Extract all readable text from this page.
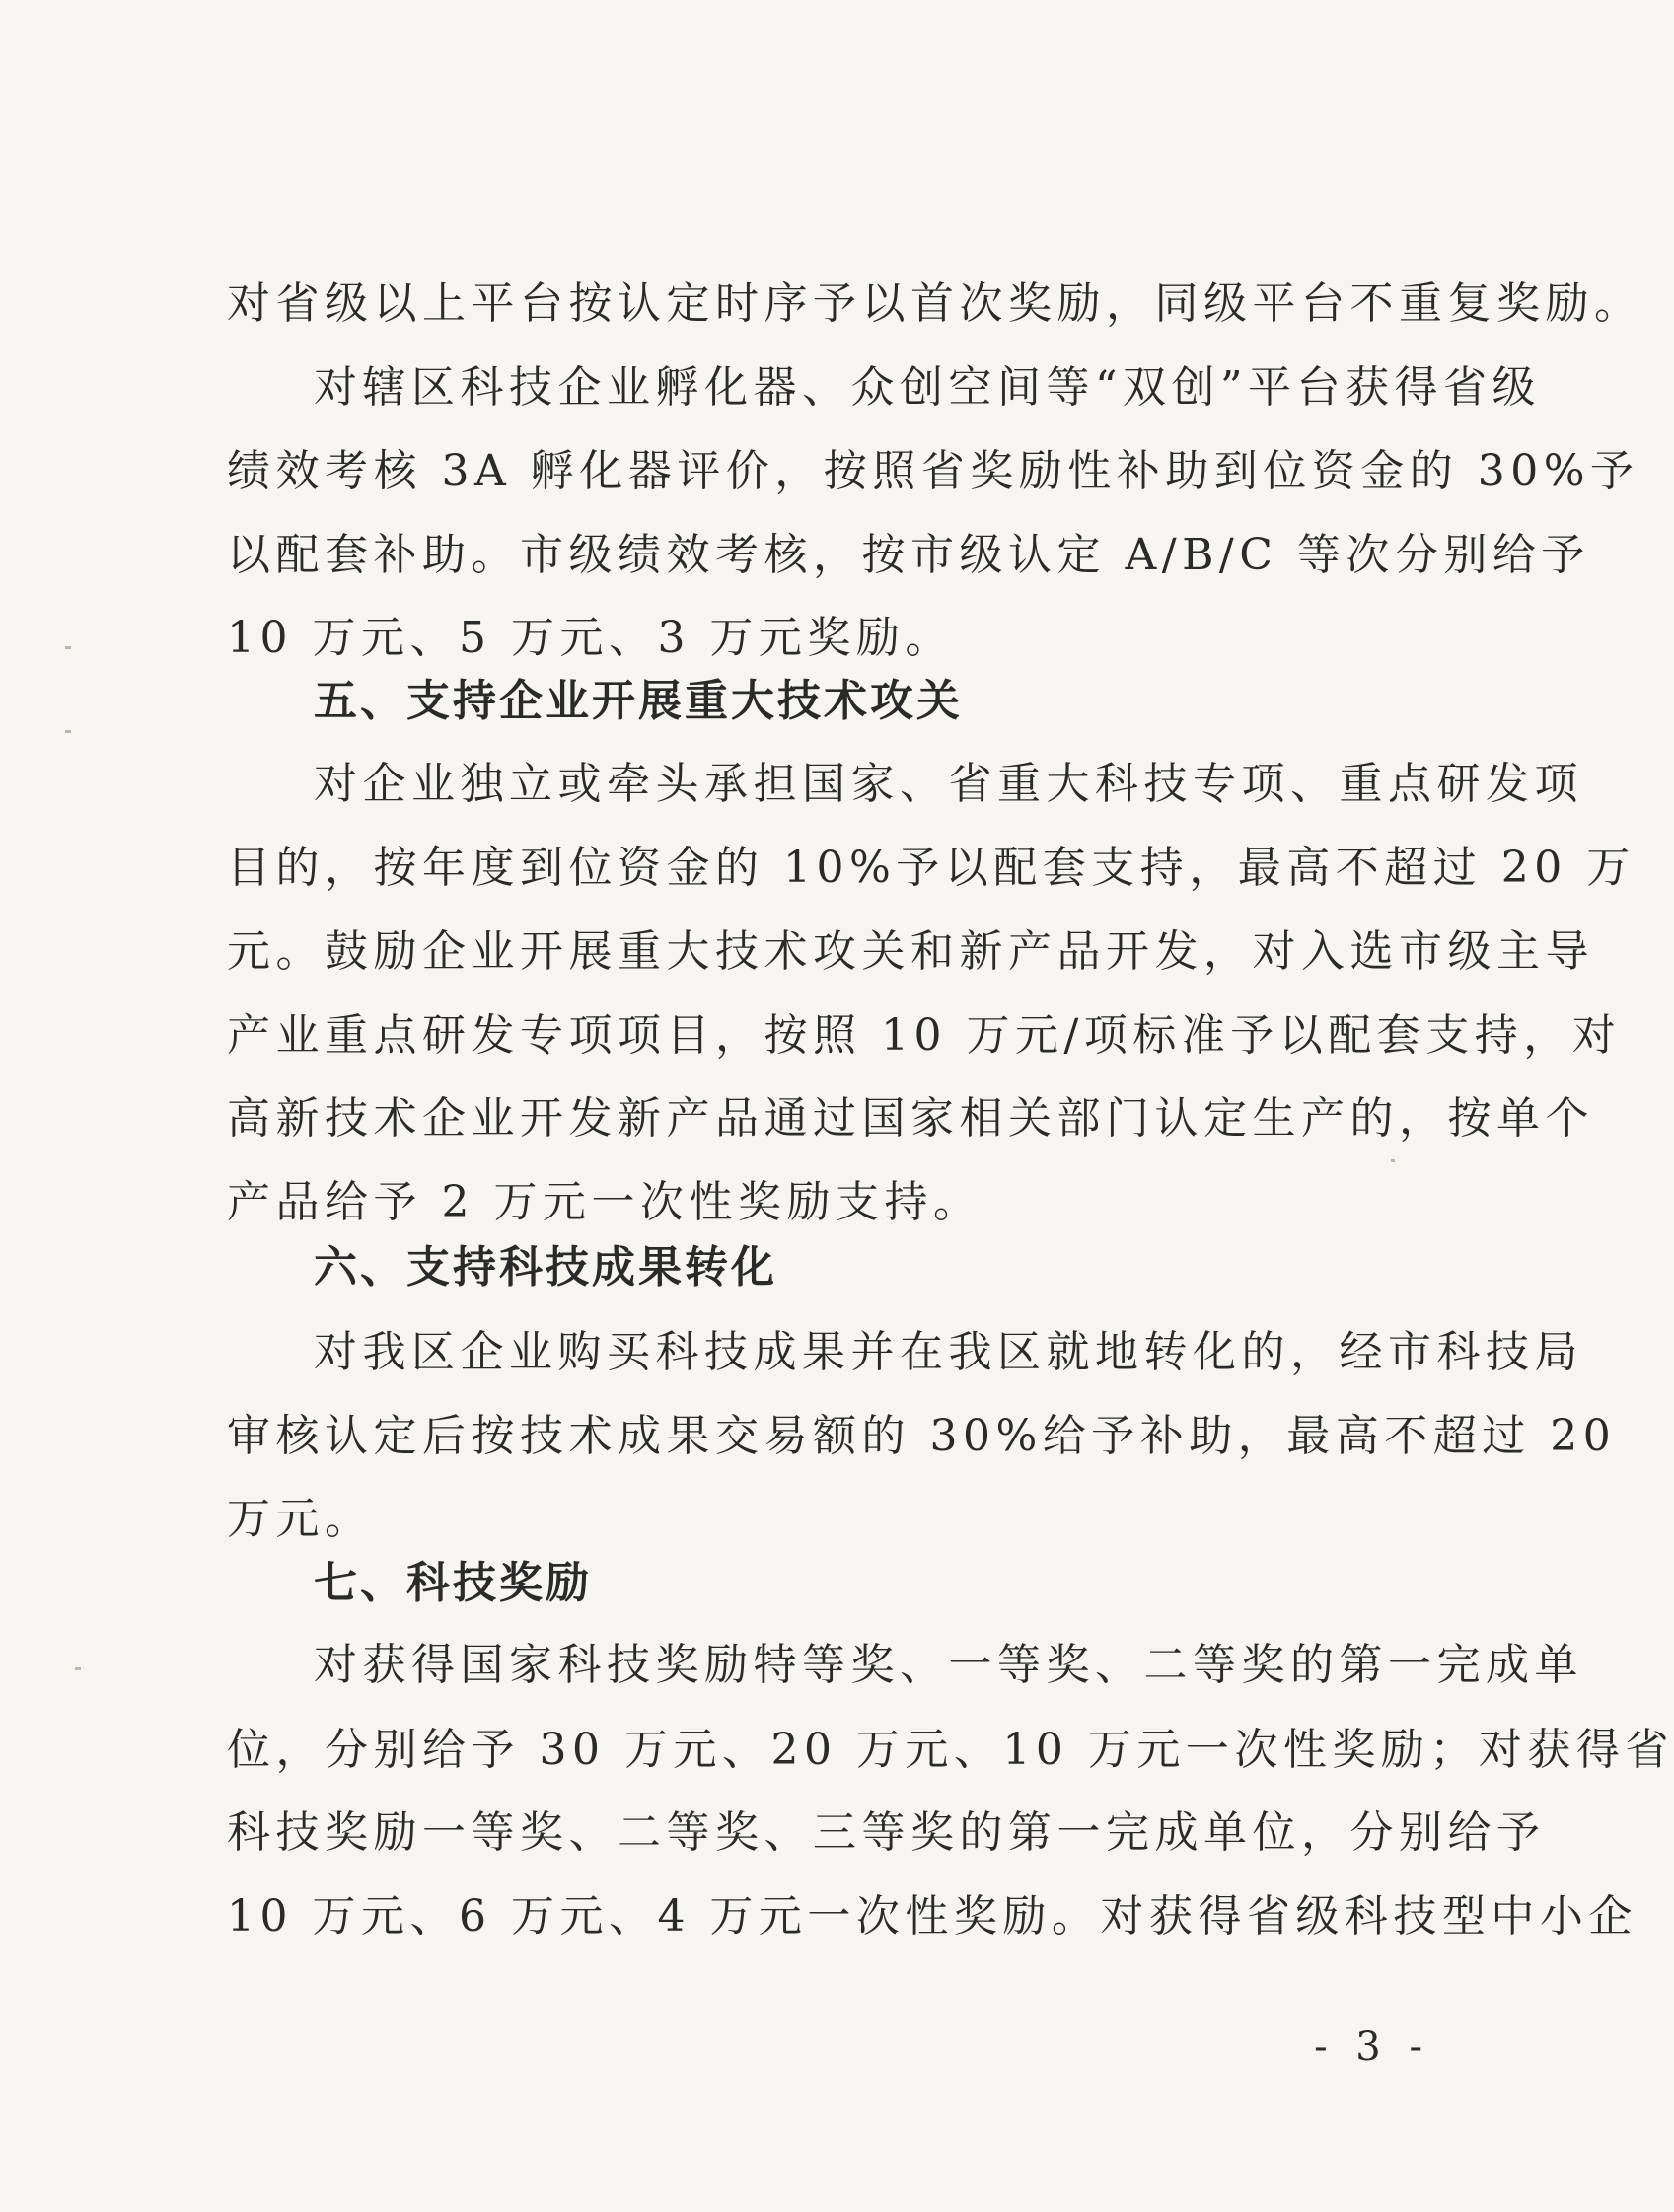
对省级以上平台按认定时序予以首次奖励，同级平台不重复奖励。
对辖区科技企业孵化器、众创空间等“双创”平台获得省级
绩效考核 3A 孵化器评价，按照省奖励性补助到位资金的 30%予
以配套补助。市级绩效考核，按市级认定 A/B/C 等次分别给予
10 万元、5 万元、3 万元奖励。
五、支持企业开展重大技术攻关
对企业独立或牵头承担国家、省重大科技专项、重点研发项
目的，按年度到位资金的 10%予以配套支持，最高不超过 20 万
元。鼓励企业开展重大技术攻关和新产品开发，对入选市级主导
产业重点研发专项项目，按照 10 万元/项标准予以配套支持，对
高新技术企业开发新产品通过国家相关部门认定生产的，按单个
产品给予 2 万元一次性奖励支持。
六、支持科技成果转化
对我区企业购买科技成果并在我区就地转化的，经市科技局
审核认定后按技术成果交易额的 30%给予补助，最高不超过 20
万元。
七、科技奖励
对获得国家科技奖励特等奖、一等奖、二等奖的第一完成单
位，分别给予 30 万元、20 万元、10 万元一次性奖励；对获得省
科技奖励一等奖、二等奖、三等奖的第一完成单位，分别给予
10 万元、6 万元、4 万元一次性奖励。对获得省级科技型中小企
- 3 -
